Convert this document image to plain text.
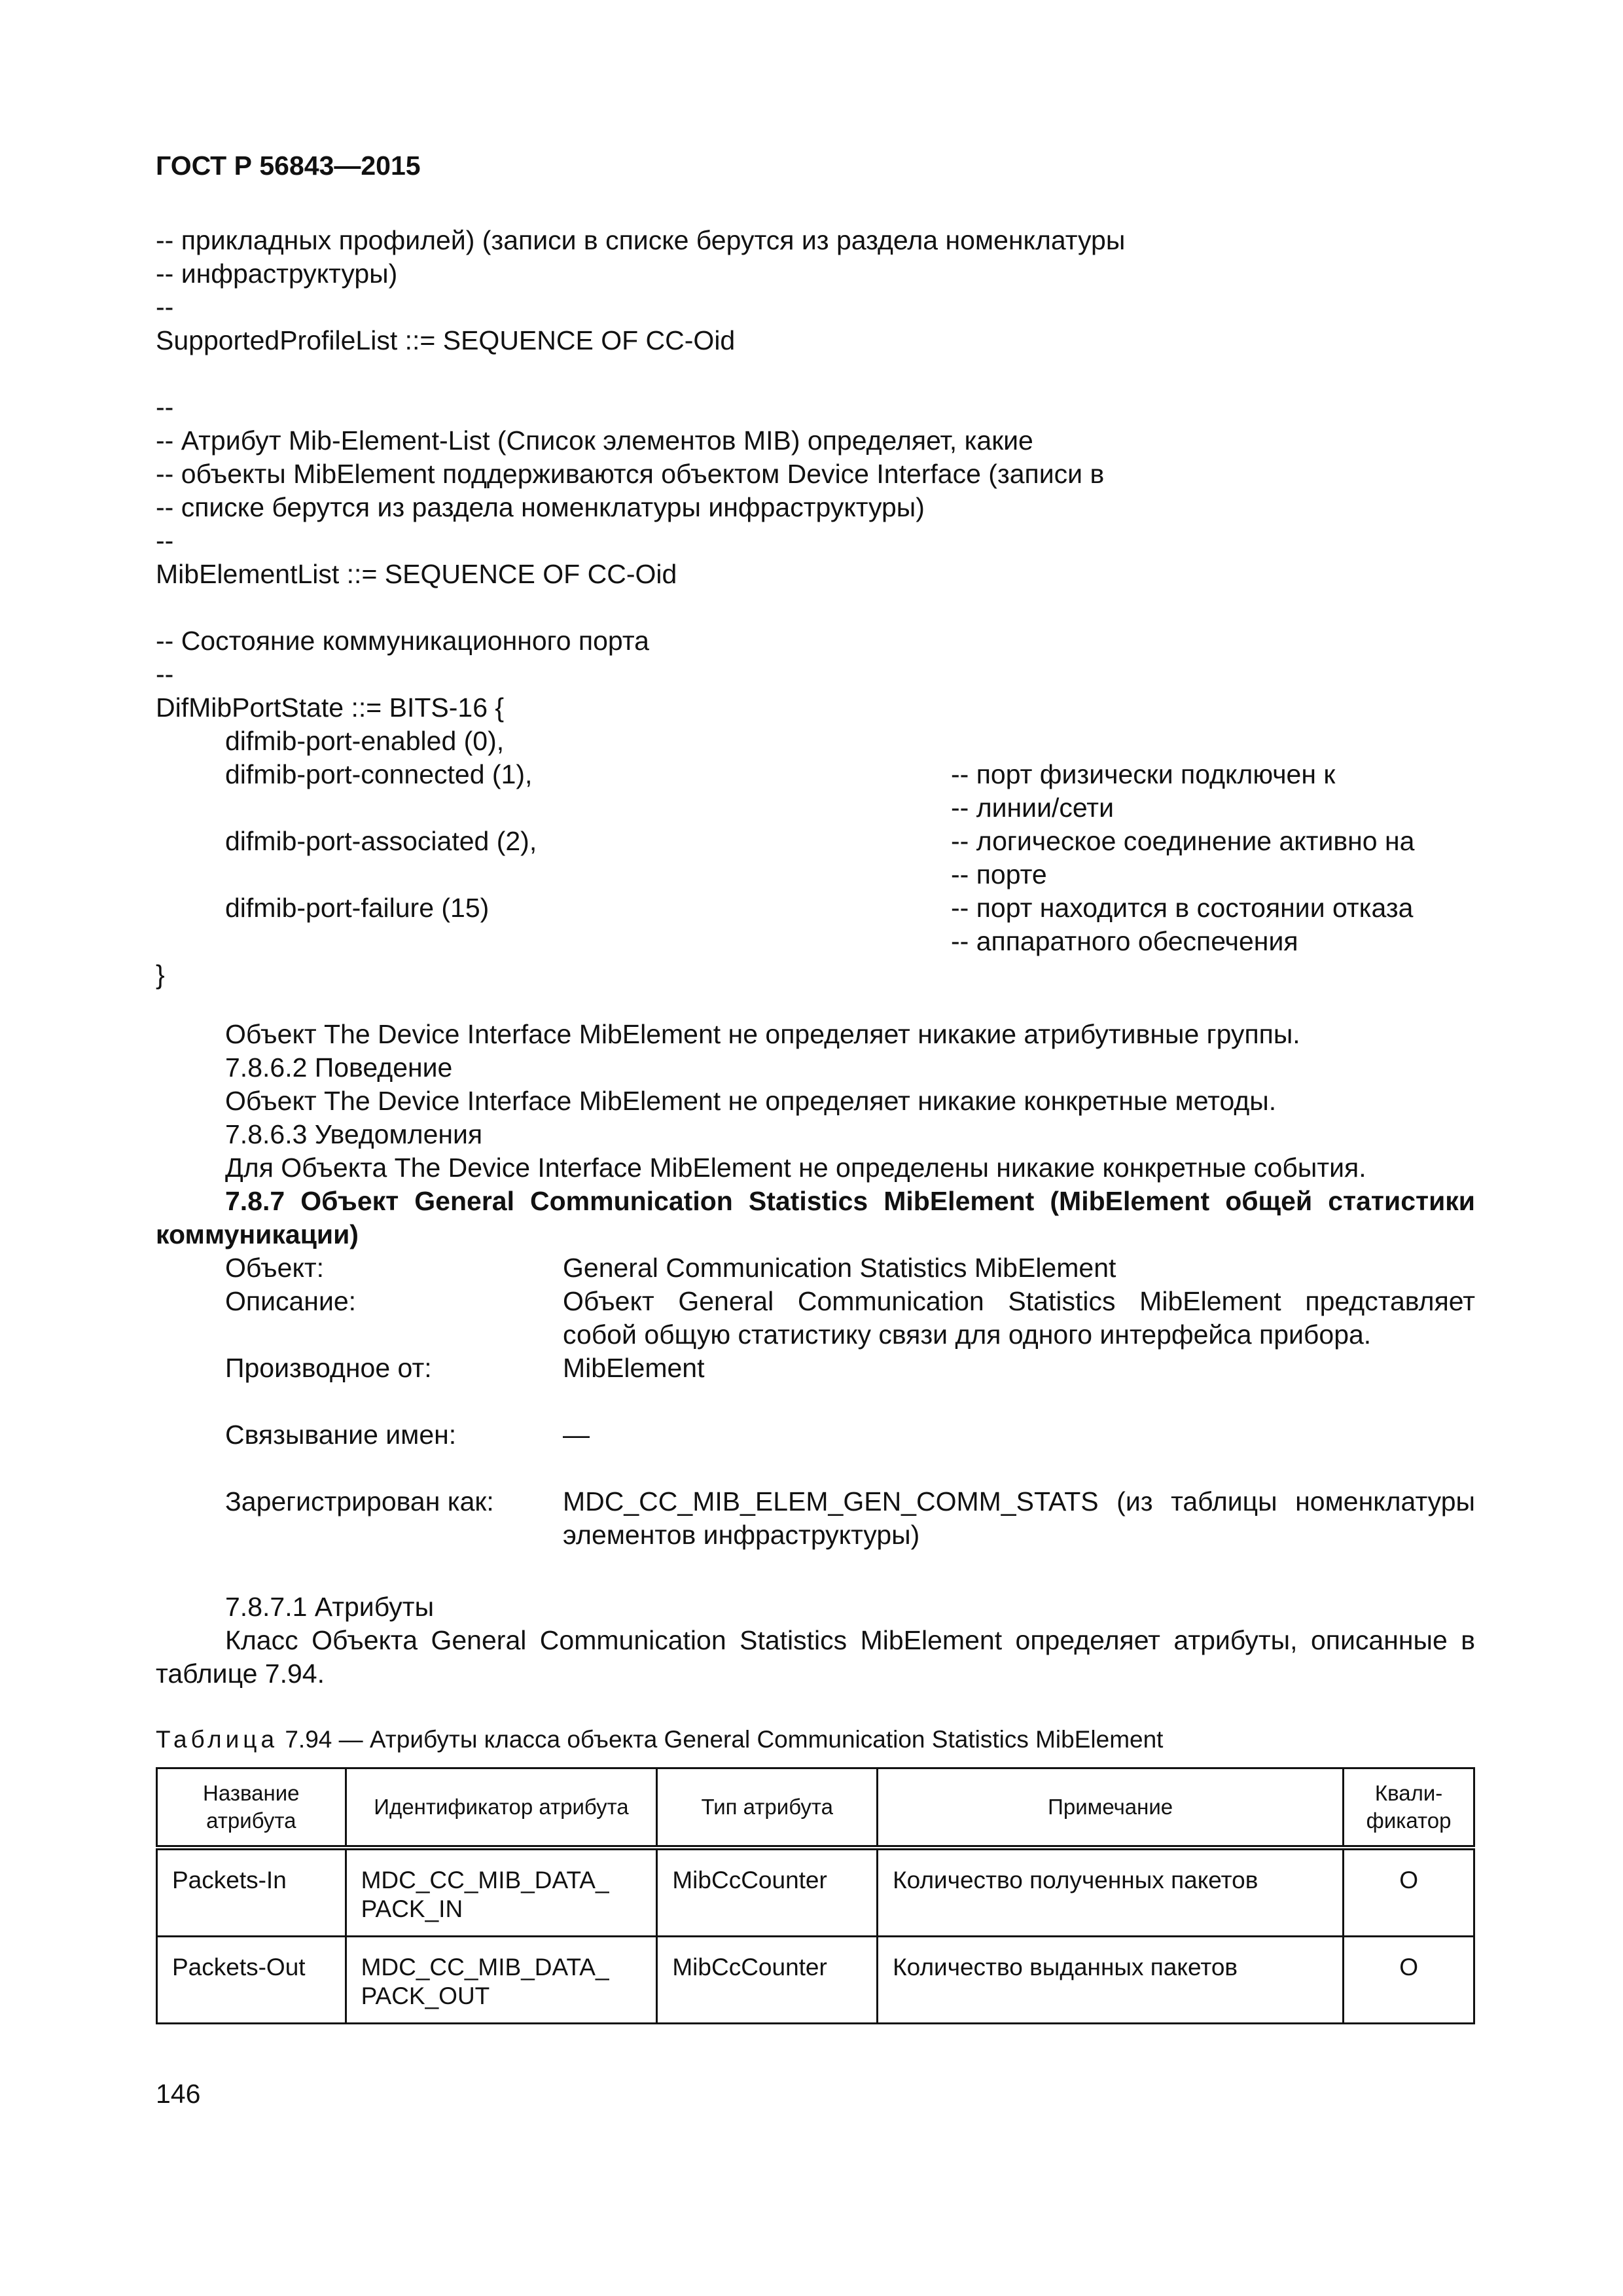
ГОСТ Р 56843—2015
-- прикладных профилей) (записи в списке берутся из раздела номенклатуры
-- инфраструктуры)
--
SupportedProfileList ::= SEQUENCE OF CC-Oid
--
-- Атрибут Mib-Element-List (Список элементов MIB) определяет, какие
-- объекты MibElement поддерживаются объектом Device Interface (записи в
-- списке берутся из раздела номенклатуры инфраструктуры)
--
MibElementList ::= SEQUENCE OF CC-Oid
-- Состояние коммуникационного порта
--
DifMibPortState ::= BITS-16 {
difmib-port-enabled (0),
difmib-port-connected (1),	-- порт физически подключен к
-- линии/сети
difmib-port-associated (2),	-- логическое соединение активно на
-- порте
difmib-port-failure (15)	-- порт находится в состоянии отказа
-- аппаратного обеспечения
}
Объект The Device Interface MibElement не определяет никакие атрибутивные группы.
7.8.6.2 Поведение
Объект The Device Interface MibElement не определяет никакие конкретные методы.
7.8.6.3 Уведомления
Для Объекта The Device Interface MibElement не определены никакие конкретные события.
7.8.7 Объект General Communication Statistics MibElement (MibElement общей статистики
коммуникации)
Объект:	General Communication Statistics MibElement
Описание:	Объект General Communication Statistics MibElement представляет
собой общую статистику связи для одного интерфейса прибора.
Производное от:	MibElement
Связывание имен:	—
Зарегистрирован как:	MDC_CC_MIB_ELEM_GEN_COMM_STATS (из таблицы номенклатуры
элементов инфраструктуры)
7.8.7.1 Атрибуты
Класс Объекта General Communication Statistics MibElement определяет атрибуты, описанные в
таблице 7.94.
Таблица 7.94 — Атрибуты класса объекта General Communication Statistics MibElement
Название атрибута	Идентификатор атрибута	Тип атрибута	Примечание	Квали-фикатор
Packets-In	MDC_CC_MIB_DATA_
PACK_IN	MibCcCounter	Количество полученных пакетов	O
Packets-Out	MDC_CC_MIB_DATA_
PACK_OUT	MibCcCounter	Количество выданных пакетов	O
146
